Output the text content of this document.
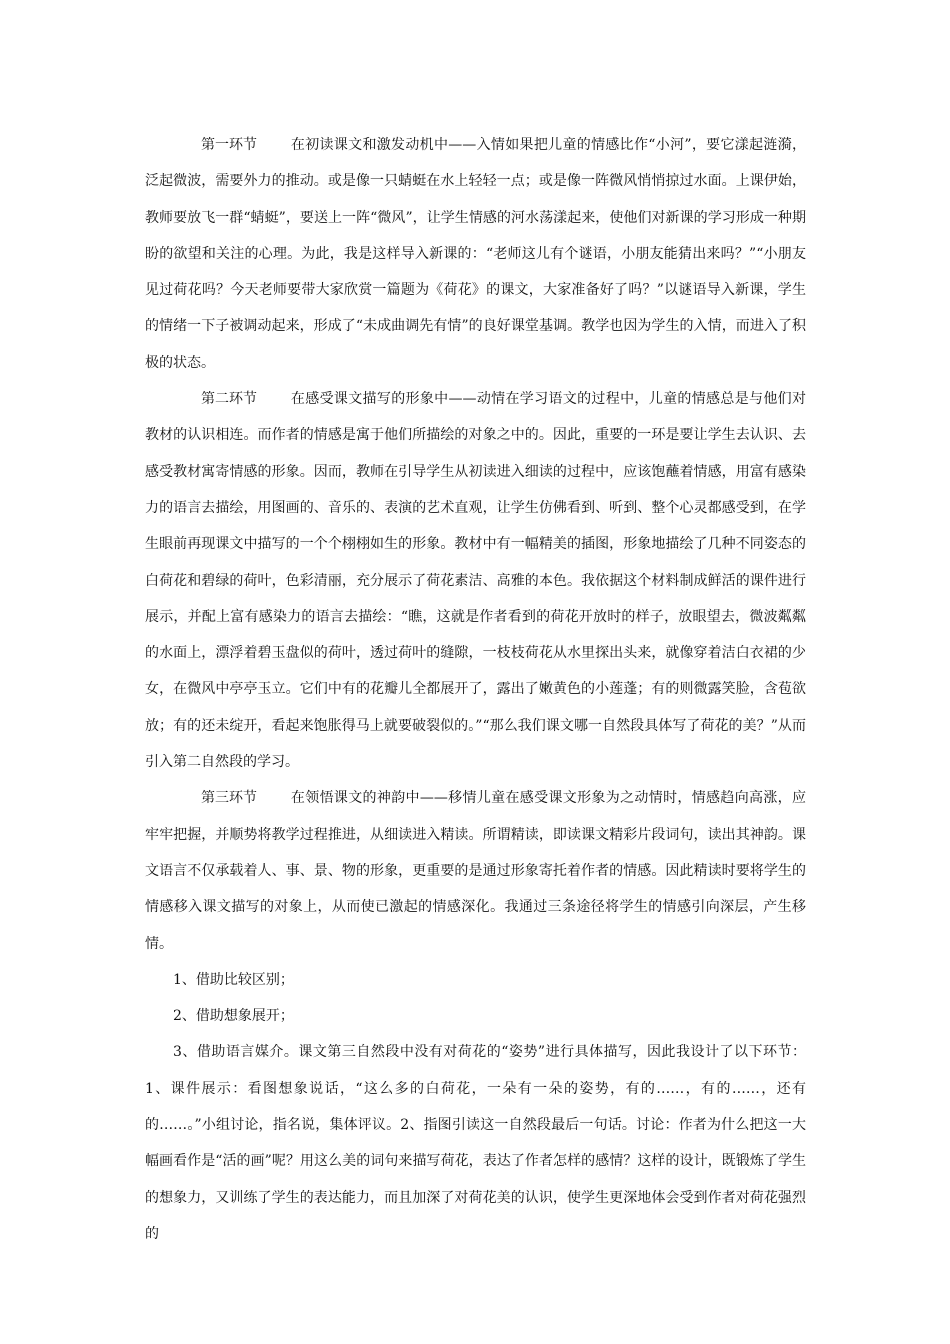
第一环节 在初读课文和激发动机中——入情如果把儿童的情感比作“小河”，要它漾起涟漪，泛起微波，需要外力的推动。或是像一只蜻蜓在水上轻轻一点；或是像一阵微风悄悄掠过水面。上课伊始，教师要放飞一群“蜻蜓”，要送上一阵“微风”，让学生情感的河水荡漾起来，使他们对新课的学习形成一种期盼的欲望和关注的心理。为此，我是这样导入新课的：“老师这儿有个谜语，小朋友能猜出来吗？”“小朋友见过荷花吗？今天老师要带大家欣赏一篇题为《荷花》的课文，大家准备好了吗？”以谜语导入新课，学生的情绪一下子被调动起来，形成了“未成曲调先有情”的良好课堂基调。教学也因为学生的入情，而进入了积极的状态。

第二环节 在感受课文描写的形象中——动情在学习语文的过程中，儿童的情感总是与他们对教材的认识相连。而作者的情感是寓于他们所描绘的对象之中的。因此，重要的一环是要让学生去认识、去感受教材寓寄情感的形象。因而，教师在引导学生从初读进入细读的过程中，应该饱蘸着情感，用富有感染力的语言去描绘，用图画的、音乐的、表演的艺术直观，让学生仿佛看到、听到、整个心灵都感受到，在学生眼前再现课文中描写的一个个栩栩如生的形象。教材中有一幅精美的插图，形象地描绘了几种不同姿态的白荷花和碧绿的荷叶，色彩清丽，充分展示了荷花素洁、高雅的本色。我依据这个材料制成鲜活的课件进行展示，并配上富有感染力的语言去描绘：“瞧，这就是作者看到的荷花开放时的样子，放眼望去，微波粼粼的水面上，漂浮着碧玉盘似的荷叶，透过荷叶的缝隙，一枝枝荷花从水里探出头来，就像穿着洁白衣裙的少女，在微风中亭亭玉立。它们中有的花瓣儿全都展开了，露出了嫩黄色的小莲蓬；有的则微露笑脸，含苞欲放；有的还未绽开，看起来饱胀得马上就要破裂似的。”“那么我们课文哪一自然段具体写了荷花的美？”从而引入第二自然段的学习。

第三环节 在领悟课文的神韵中——移情儿童在感受课文形象为之动情时，情感趋向高涨，应牢牢把握，并顺势将教学过程推进，从细读进入精读。所谓精读，即读课文精彩片段词句，读出其神韵。课文语言不仅承载着人、事、景、物的形象，更重要的是通过形象寄托着作者的情感。因此精读时要将学生的情感移入课文描写的对象上，从而使已激起的情感深化。我通过三条途径将学生的情感引向深层，产生移情。

1、借助比较区别；

2、借助想象展开；

3、借助语言媒介。课文第三自然段中没有对荷花的“姿势”进行具体描写，因此我设计了以下环节：1、课件展示：看图想象说话，“这么多的白荷花，一朵有一朵的姿势，有的……，有的……，还有的……。”小组讨论，指名说，集体评议。2、指图引读这一自然段最后一句话。讨论：作者为什么把这一大幅画看作是“活的画”呢？用这么美的词句来描写荷花，表达了作者怎样的感情？这样的设计，既锻炼了学生的想象力，又训练了学生的表达能力，而且加深了对荷花美的认识，使学生更深地体会受到作者对荷花强烈的
